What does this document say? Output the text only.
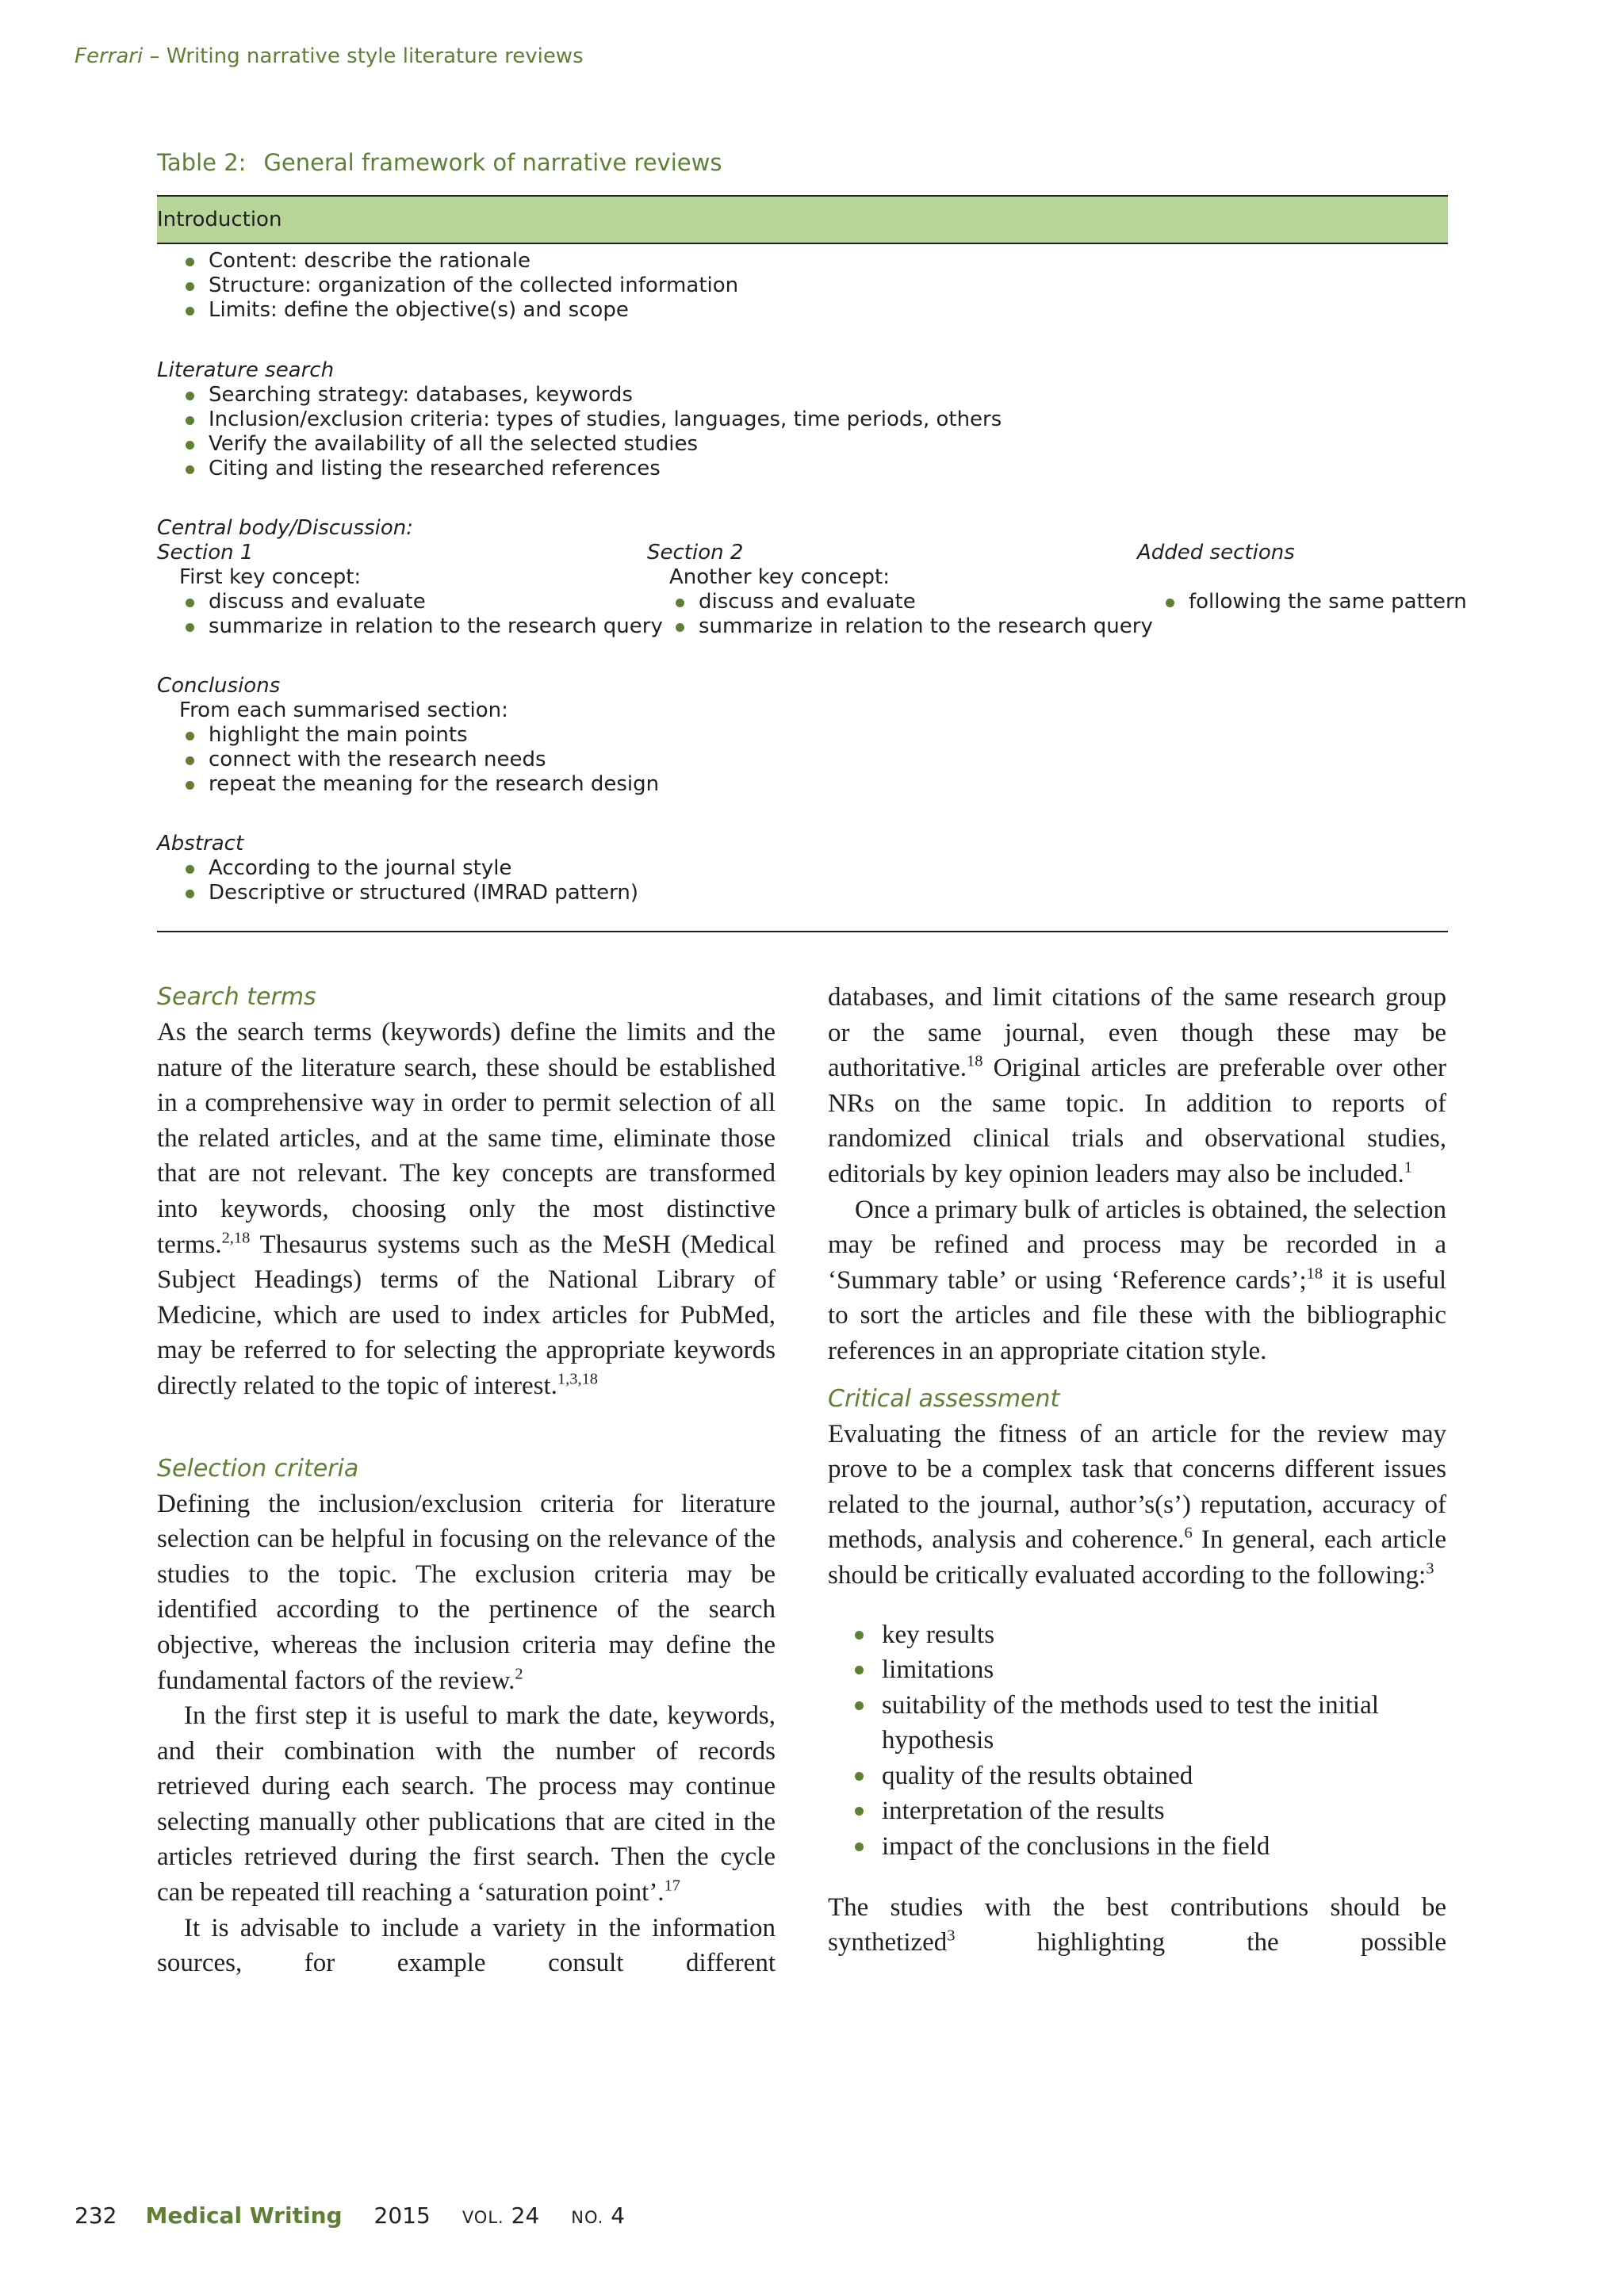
Ferrari – Writing narrative style literature reviews
Table 2: General framework of narrative reviews
Introduction
Content: describe the rationale
Structure: organization of the collected information
Limits: define the objective(s) and scope
Literature search
Searching strategy: databases, keywords
Inclusion/exclusion criteria: types of studies, languages, time periods, others
Verify the availability of all the selected studies
Citing and listing the researched references
Central body/Discussion:
Section 1
First key concept:
discuss and evaluate
summarize in relation to the research query
Section 2
Another key concept:
discuss and evaluate
summarize in relation to the research query
Added sections
following the same pattern
Conclusions
From each summarised section:
highlight the main points
connect with the research needs
repeat the meaning for the research design
Abstract
According to the journal style
Descriptive or structured (IMRAD pattern)
Search terms

As the search terms (keywords) define the limits and the nature of the literature search, these should be established in a comprehensive way in order to permit selection of all the related articles, and at the same time, eliminate those that are not relevant. The key concepts are transformed into keywords, choosing only the most distinctive terms.$^{2,18}$ Thesaurus systems such as the MeSH (Medical Subject Headings) terms of the National Library of Medicine, which are used to index articles for PubMed, may be referred to for selecting the appropriate keywords directly related to the topic of interest.$^{1,3,18}$

Selection criteria

Defining the inclusion/exclusion criteria for literature selection can be helpful in focusing on the relevance of the studies to the topic. The exclusion criteria may be identified according to the pertinence of the search objective, whereas the inclusion criteria may define the fundamental factors of the review.$^2$

In the first step it is useful to mark the date, keywords, and their combination with the number of records retrieved during each search. The process may continue selecting manually other publications that are cited in the articles retrieved during the first search. Then the cycle can be repeated till reaching a ‘saturation point’.$^{17}$

It is advisable to include a variety in the information sources, for example consult different

databases, and limit citations of the same research group or the same journal, even though these may be authoritative.$^{18}$ Original articles are preferable over other NRs on the same topic. In addition to reports of randomized clinical trials and observational studies, editorials by key opinion leaders may also be included.$^1$

Once a primary bulk of articles is obtained, the selection may be refined and process may be recorded in a ‘Summary table’ or using ‘Reference cards’;$^{18}$ it is useful to sort the articles and file these with the bibliographic references in an appropriate citation style.

Critical assessment

Evaluating the fitness of an article for the review may prove to be a complex task that concerns different issues related to the journal, author’s(s’) reputation, accuracy of methods, analysis and coherence.$^6$ In general, each article should be critically evaluated according to the following:$^3$

key results
limitations
suitability of the methods used to test the initial hypothesis
quality of the results obtained
interpretation of the results
impact of the conclusions in the field

The studies with the best contributions should be synthetized$^3$ highlighting the possible

232 Medical Writing 2015 VOL. 24 NO. 4
